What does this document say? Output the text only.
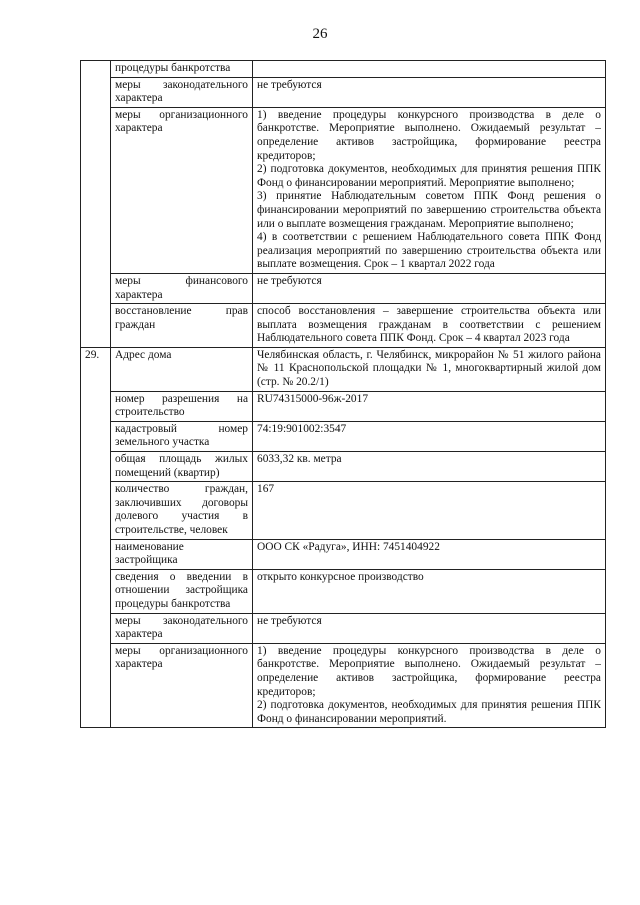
26
	процедуры банкротства	
	меры законодательного характера	не требуются

	меры организационного характера	1) введение процедуры конкурсного производства в деле о банкротстве. Мероприятие выполнено. Ожидаемый результат – определение активов застройщика, формирование реестра кредиторов;
2) подготовка документов, необходимых для принятия решения ППК Фонд о финансировании мероприятий. Мероприятие выполнено;
3) принятие Наблюдательным советом ППК Фонд решения о финансировании мероприятий по завершению строительства объекта или о выплате возмещения гражданам. Мероприятие выполнено;
4) в соответствии с решением Наблюдательного совета ППК Фонд реализация мероприятий по завершению строительства объекта или выплате возмещения. Срок – 1 квартал 2022 года

	меры финансового характера	не требуются

	восстановление прав граждан	способ восстановления – завершение строительства объекта или выплата возмещения гражданам в соответствии с решением Наблюдательного совета ППК Фонд. Срок – 4 квартал 2023 года

29.	Адрес дома	Челябинская область, г. Челябинск, микрорайон № 51 жилого района № 11 Краснопольской площадки № 1, многоквартирный жилой дом (стр. № 20.2/1)

	номер разрешения на строительство	RU74315000-96ж-2017

	кадастровый номер земельного участка	74:19:901002:3547

	общая площадь жилых помещений (квартир)	6033,32 кв. метра

	количество граждан, заключивших договоры долевого участия в строительстве, человек	167

	наименование застройщика	ООО СК «Радуга», ИНН: 7451404922

	сведения о введении в отношении застройщика процедуры банкротства	открыто конкурсное производство

	меры законодательного характера	не требуются

	меры организационного характера	1) введение процедуры конкурсного производства в деле о банкротстве. Мероприятие выполнено. Ожидаемый результат – определение активов застройщика, формирование реестра кредиторов;
2) подготовка документов, необходимых для принятия решения ППК Фонд о финансировании мероприятий.
